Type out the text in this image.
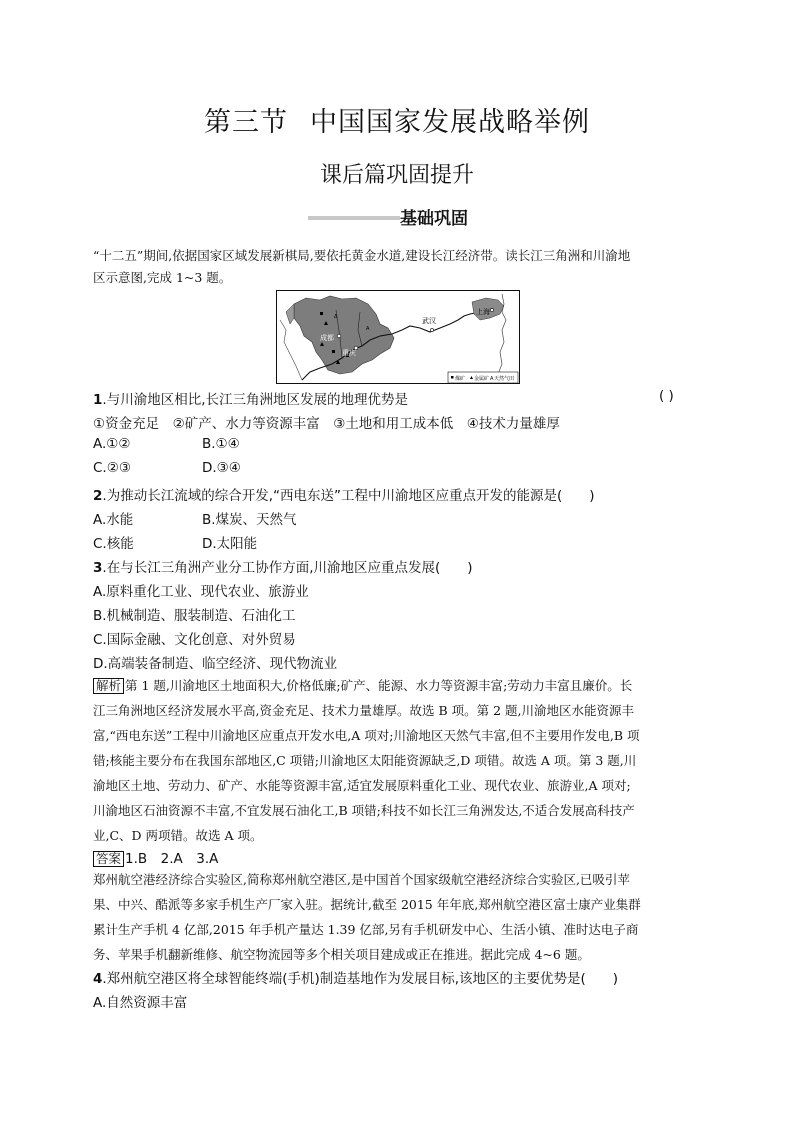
第三节 中国国家发展战略举例
课后篇巩固提升
基础巩固
“十二五”期间,依据国家区域发展新棋局,要依托黄金水道,建设长江经济带。读长江三角洲和川渝地
区示意图,完成 1~3 题。
A
Δ
成都
重庆
武汉
上海
煤矿 金属矿 A 天然气田
1.与川渝地区相比,长江三角洲地区发展的地理优势是	( )
①资金充足　②矿产、水力等资源丰富　③土地和用工成本低　④技术力量雄厚
A.①②	B.①④
C.②③	D.③④
2.为推动长江流域的综合开发,“西电东送”工程中川渝地区应重点开发的能源是(　　)
A.水能	B.煤炭、天然气
C.核能	D.太阳能
3.在与长江三角洲产业分工协作方面,川渝地区应重点发展(　　)
A.原料重化工业、现代农业、旅游业
B.机械制造、服装制造、石油化工
C.国际金融、文化创意、对外贸易
D.高端装备制造、临空经济、现代物流业
解析 第 1 题,川渝地区土地面积大,价格低廉;矿产、能源、水力等资源丰富;劳动力丰富且廉价。长
江三角洲地区经济发展水平高,资金充足、技术力量雄厚。故选 B 项。第 2 题,川渝地区水能资源丰
富,“西电东送”工程中川渝地区应重点开发水电,A 项对;川渝地区天然气丰富,但不主要用作发电,B 项
错;核能主要分布在我国东部地区,C 项错;川渝地区太阳能资源缺乏,D 项错。故选 A 项。第 3 题,川
渝地区土地、劳动力、矿产、水能等资源丰富,适宜发展原料重化工业、现代农业、旅游业,A 项对;
川渝地区石油资源不丰富,不宜发展石油化工,B 项错;科技不如长江三角洲发达,不适合发展高科技产
业,C、D 两项错。故选 A 项。
答案 1.B　2.A　3.A
郑州航空港经济综合实验区,简称郑州航空港区,是中国首个国家级航空港经济综合实验区,已吸引苹
果、中兴、酷派等多家手机生产厂家入驻。据统计,截至 2015 年年底,郑州航空港区富士康产业集群
累计生产手机 4 亿部,2015 年手机产量达 1.39 亿部,另有手机研发中心、生活小镇、准时达电子商
务、苹果手机翻新维修、航空物流园等多个相关项目建成或正在推进。据此完成 4~6 题。
4.郑州航空港区将全球智能终端(手机)制造基地作为发展目标,该地区的主要优势是(　　)
A.自然资源丰富
